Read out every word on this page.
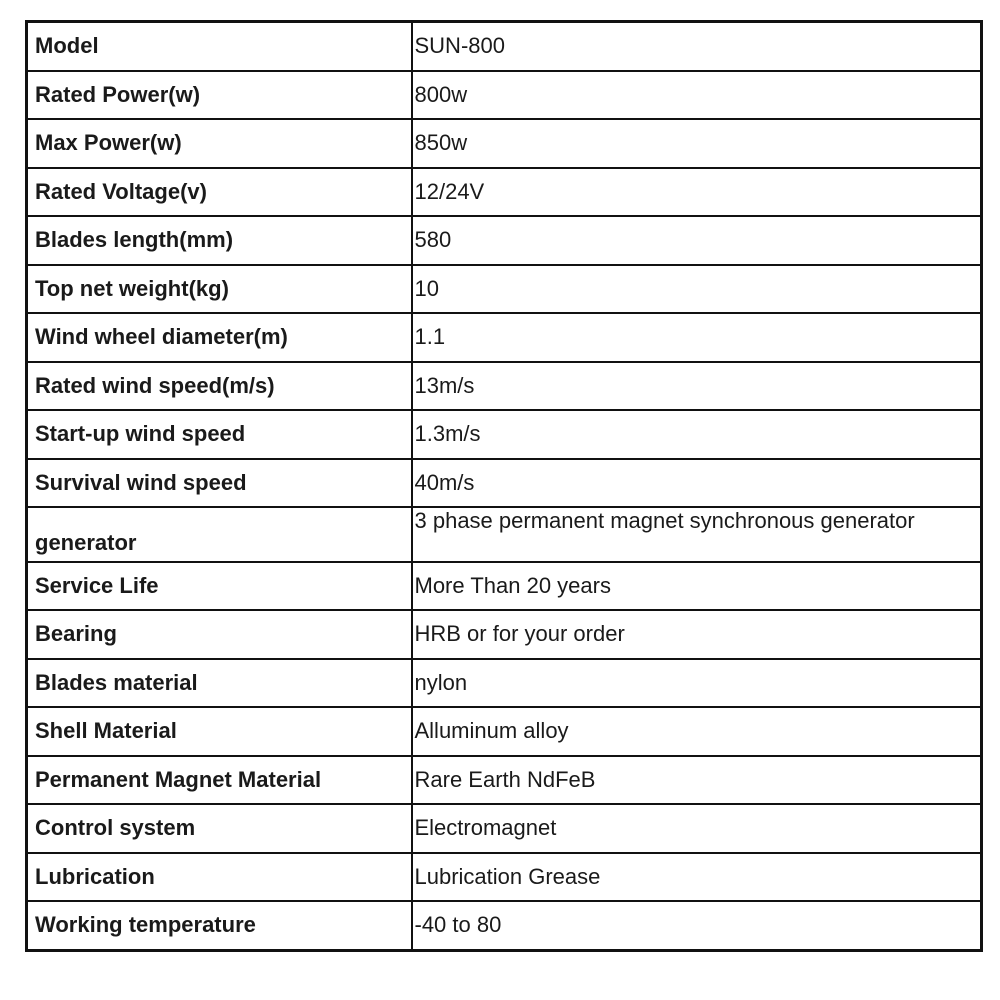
Model	SUN-800
Rated Power(w)	800w
Max Power(w)	850w
Rated Voltage(v)	12/24V
Blades length(mm)	580
Top net weight(kg)	10
Wind wheel diameter(m)	1.1
Rated wind speed(m/s)	13m/s
Start-up wind speed	1.3m/s
Survival wind speed	40m/s
generator	3 phase permanent magnet synchronous generator
Service Life	More Than 20 years
Bearing	HRB or for your order
Blades material	nylon
Shell Material	Alluminum alloy
Permanent Magnet Material	Rare Earth NdFeB
Control system	Electromagnet
Lubrication	Lubrication Grease
Working temperature	-40 to 80
